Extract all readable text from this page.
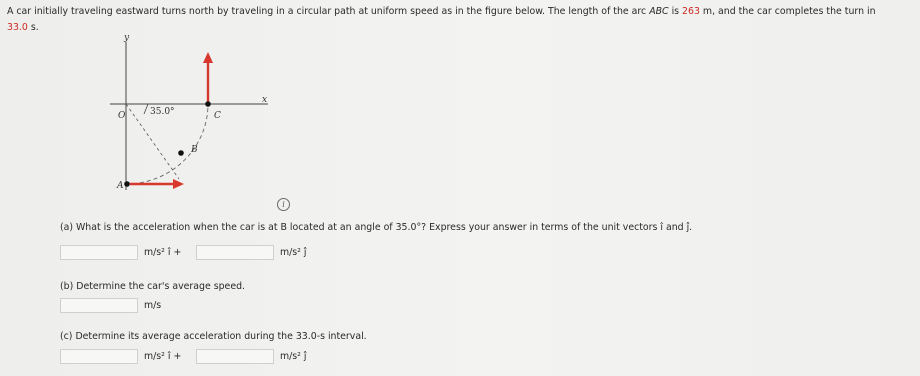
A car initially traveling eastward turns north by traveling in a circular path at uniform speed as in the figure below. The length of the arc ABC is 263 m, and the car completes the turn in
33.0 s.
y
x
O	35.0°
A
B
C
i
(a) What is the acceleration when the car is at B located at an angle of 35.0°? Express your answer in terms of the unit vectors î and ĵ.
m/s² î +	m/s² ĵ
(b) Determine the car's average speed.
m/s
(c) Determine its average acceleration during the 33.0-s interval.
m/s² î +	m/s² ĵ
